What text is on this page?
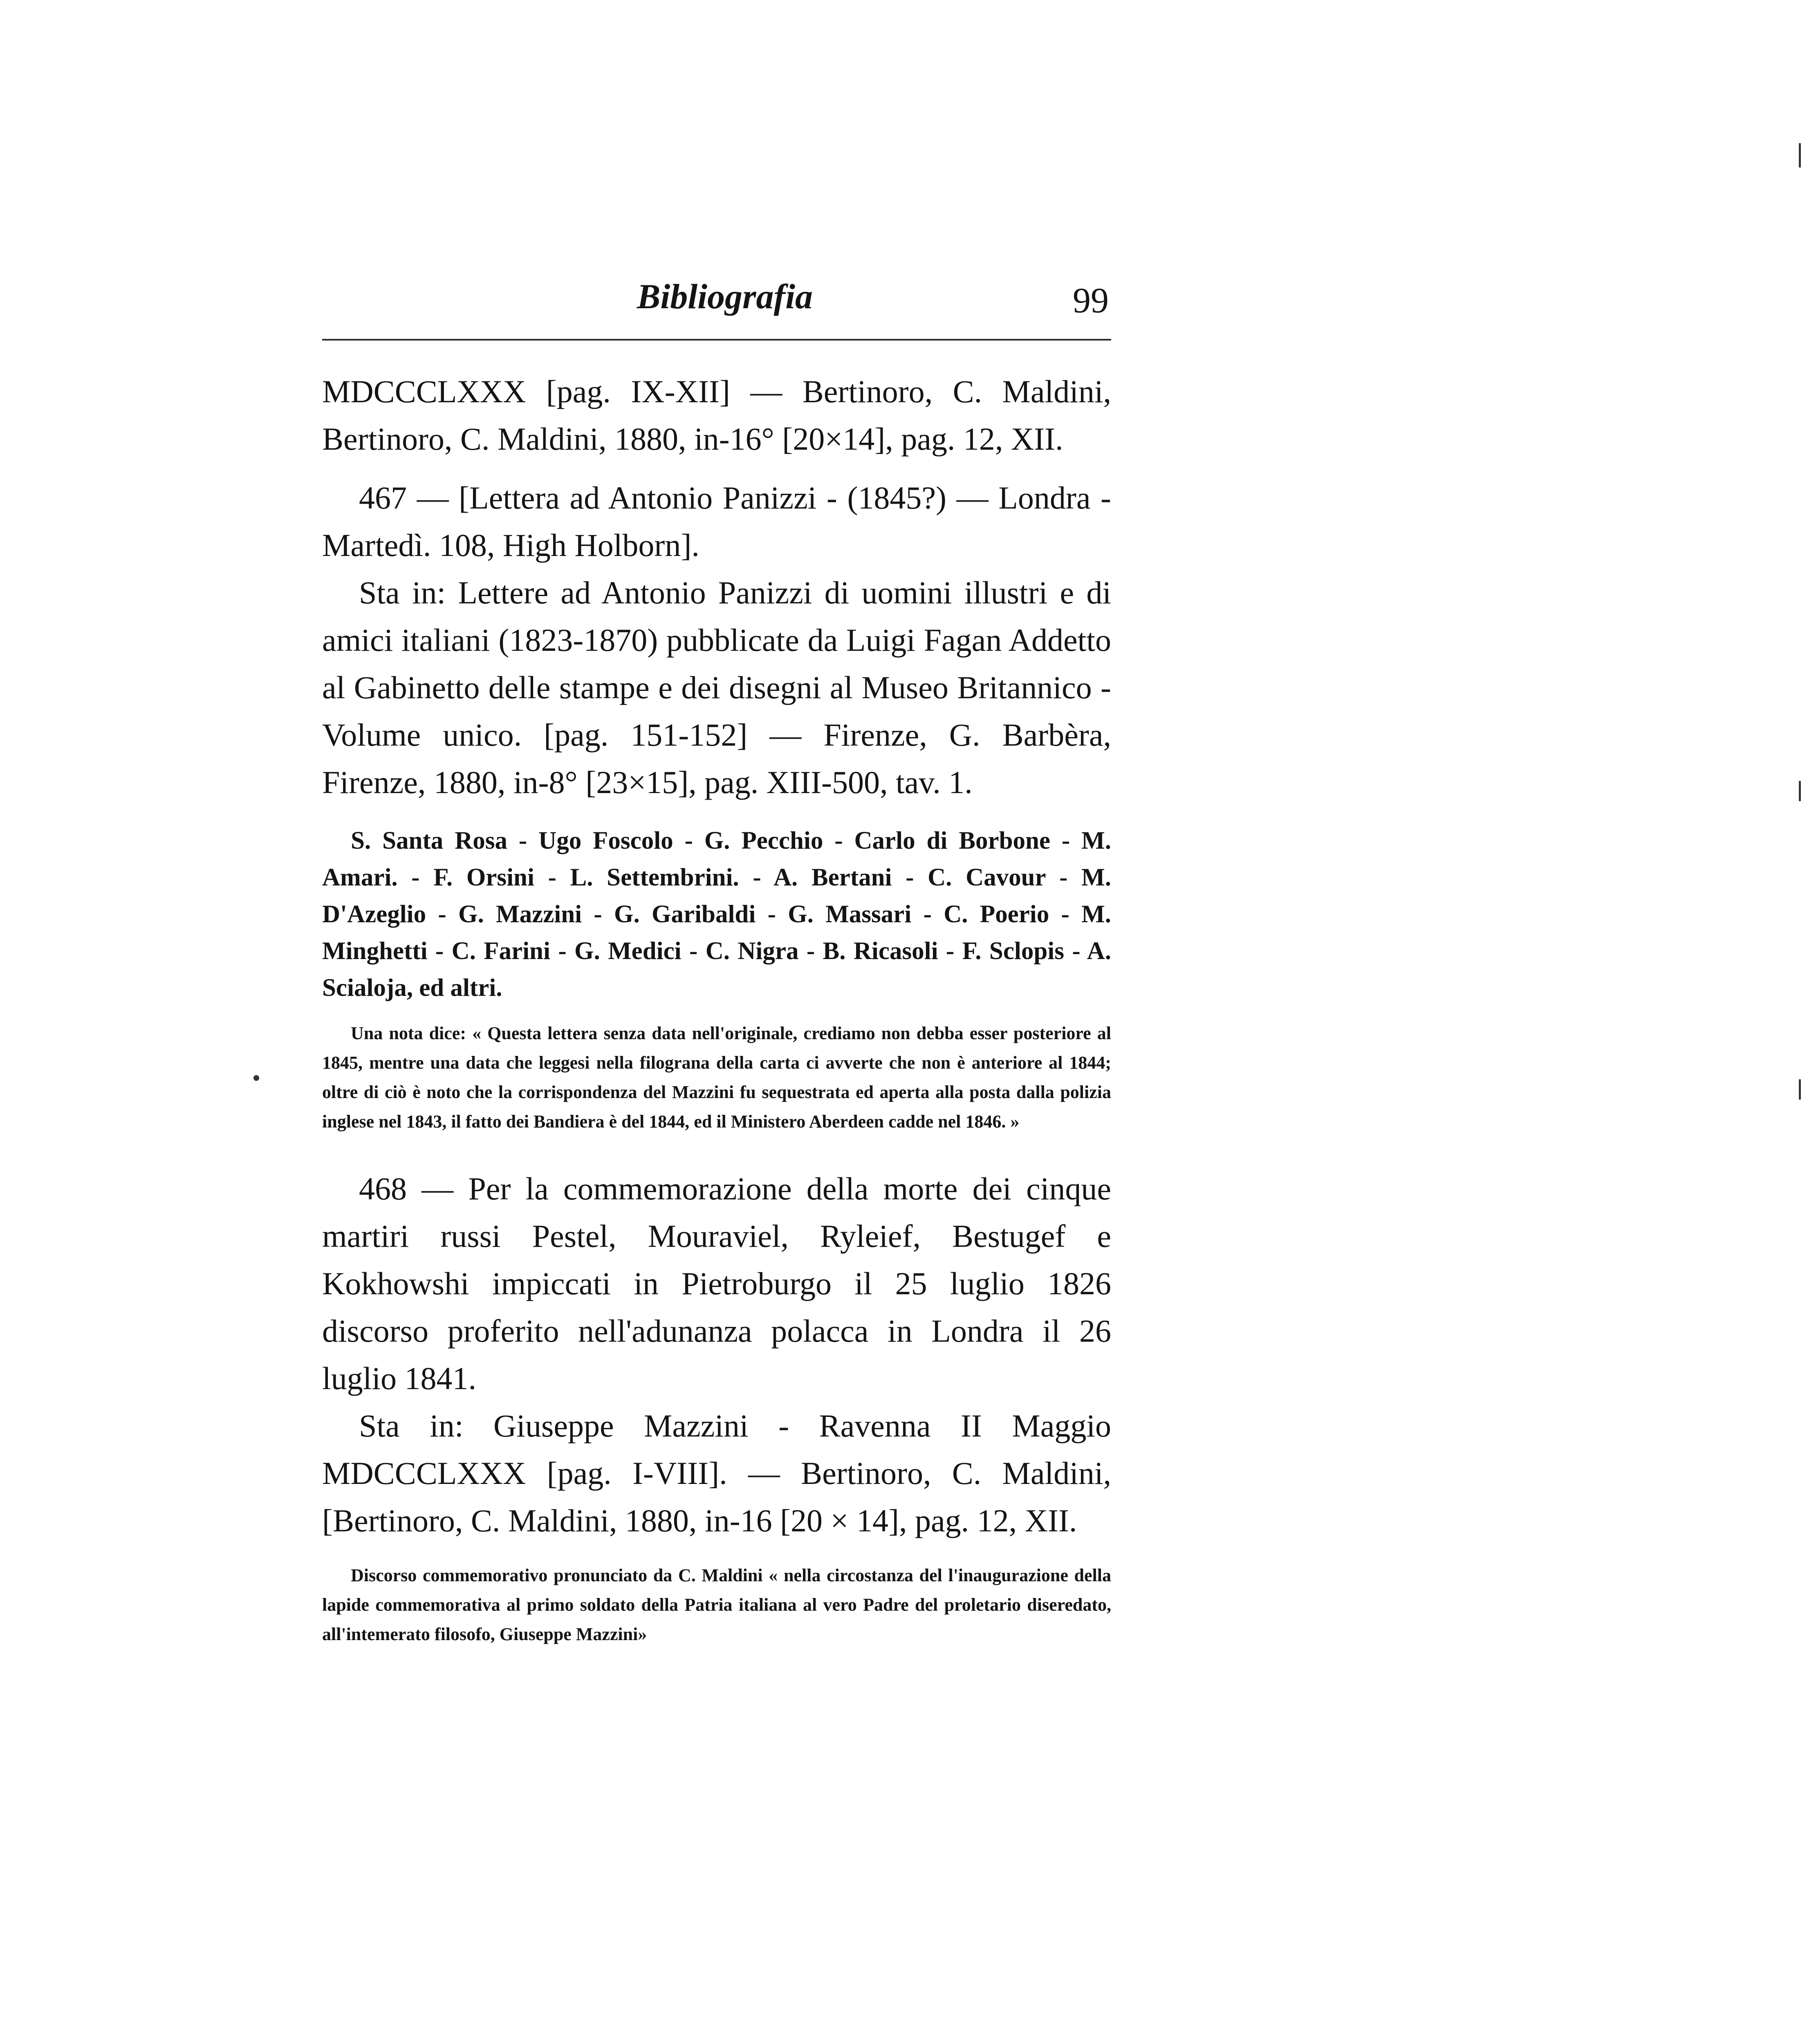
Bibliografia	99

MDCCCLXXX [pag. IX-XII] — Bertinoro, C. Maldini, Bertinoro, C. Maldini, 1880, in-16° [20×14], pag. 12, XII.

467 — [Lettera ad Antonio Panizzi - (1845?) — Londra - Martedì. 108, High Holborn].

Sta in: Lettere ad Antonio Panizzi di uomini illustri e di amici italiani (1823-1870) pubblicate da Luigi Fagan Addetto al Gabinetto delle stampe e dei disegni al Museo Britannico - Volume unico. [pag. 151-152] — Firenze, G. Barbèra, Firenze, 1880, in-8° [23×15], pag. XIII-500, tav. 1.

S. Santa Rosa - Ugo Foscolo - G. Pecchio - Carlo di Borbone - M. Amari. - F. Orsini - L. Settembrini. - A. Bertani - C. Cavour - M. D'Azeglio - G. Mazzini - G. Garibaldi - G. Massari - C. Poerio - M. Minghetti - C. Farini - G. Medici - C. Nigra - B. Ricasoli - F. Sclopis - A. Scialoja, ed altri.

Una nota dice: « Questa lettera senza data nell'originale, crediamo non debba esser posteriore al 1845, mentre una data che leggesi nella filograna della carta ci avverte che non è anteriore al 1844; oltre di ciò è noto che la corrispondenza del Mazzini fu sequestrata ed aperta alla posta dalla polizia inglese nel 1843, il fatto dei Bandiera è del 1844, ed il Ministero Aberdeen cadde nel 1846. »

468 — Per la commemorazione della morte dei cinque martiri russi Pestel, Mouraviel, Ryleief, Bestugef e Kokhowshi impiccati in Pietroburgo il 25 luglio 1826 discorso proferito nell'adunanza polacca in Londra il 26 luglio 1841.

Sta in: Giuseppe Mazzini - Ravenna II Maggio MDCCCLXXX [pag. I-VIII]. — Bertinoro, C. Maldini, [Bertinoro, C. Maldini, 1880, in-16 [20 × 14], pag. 12, XII.

Discorso commemorativo pronunciato da C. Maldini « nella circostanza del l'inaugurazione della lapide commemorativa al primo soldato della Patria italiana al vero Padre del proletario diseredato, all'intemerato filosofo, Giuseppe Mazzini»
